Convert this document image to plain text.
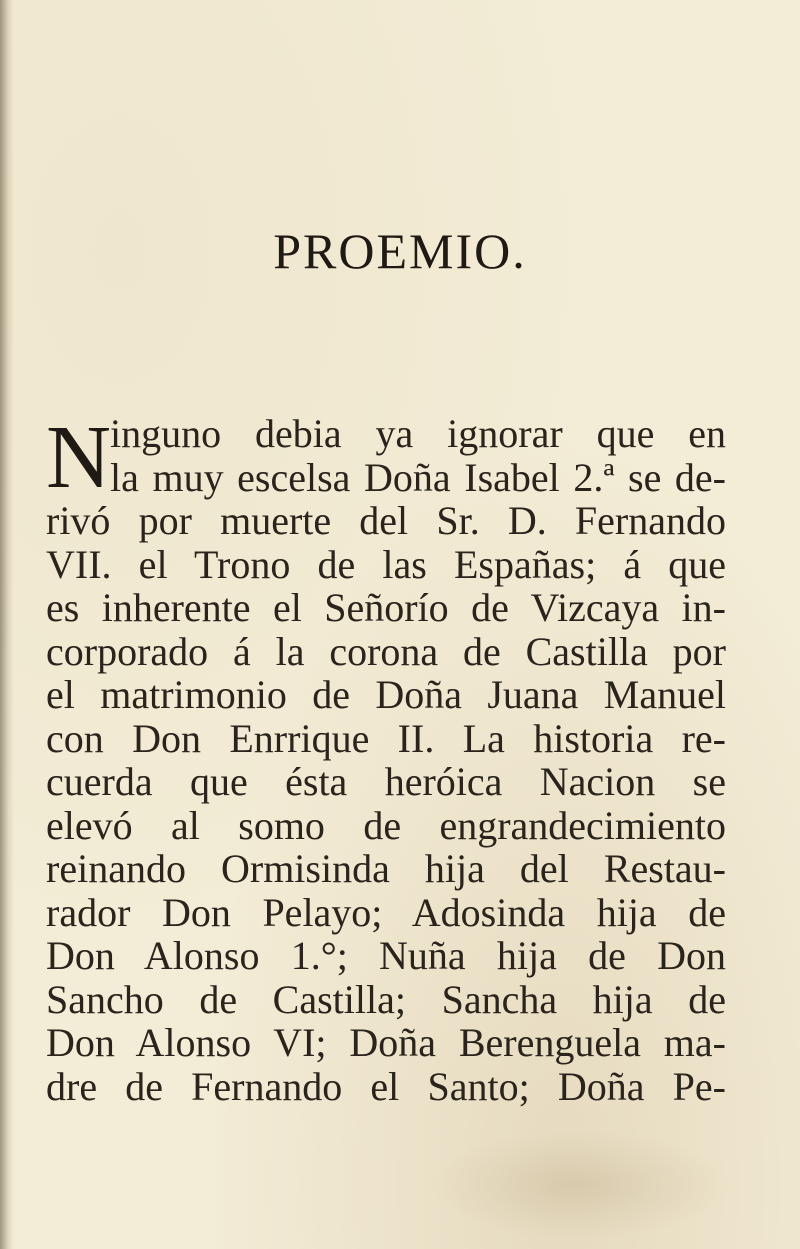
PROEMIO.
N inguno debia ya ignorar que en
la muy escelsa Doña Isabel 2.ª se de-
rivó por muerte del Sr. D. Fernando
VII. el Trono de las Españas; á que
es inherente el Señorío de Vizcaya in-
corporado á la corona de Castilla por
el matrimonio de Doña Juana Manuel
con Don Enrrique II. La historia re-
cuerda que ésta heróica Nacion se
elevó al somo de engrandecimiento
reinando Ormisinda hija del Restau-
rador Don Pelayo; Adosinda hija de
Don Alonso 1.°; Nuña hija de Don
Sancho de Castilla; Sancha hija de
Don Alonso VI; Doña Berenguela ma-
dre de Fernando el Santo; Doña Pe-
